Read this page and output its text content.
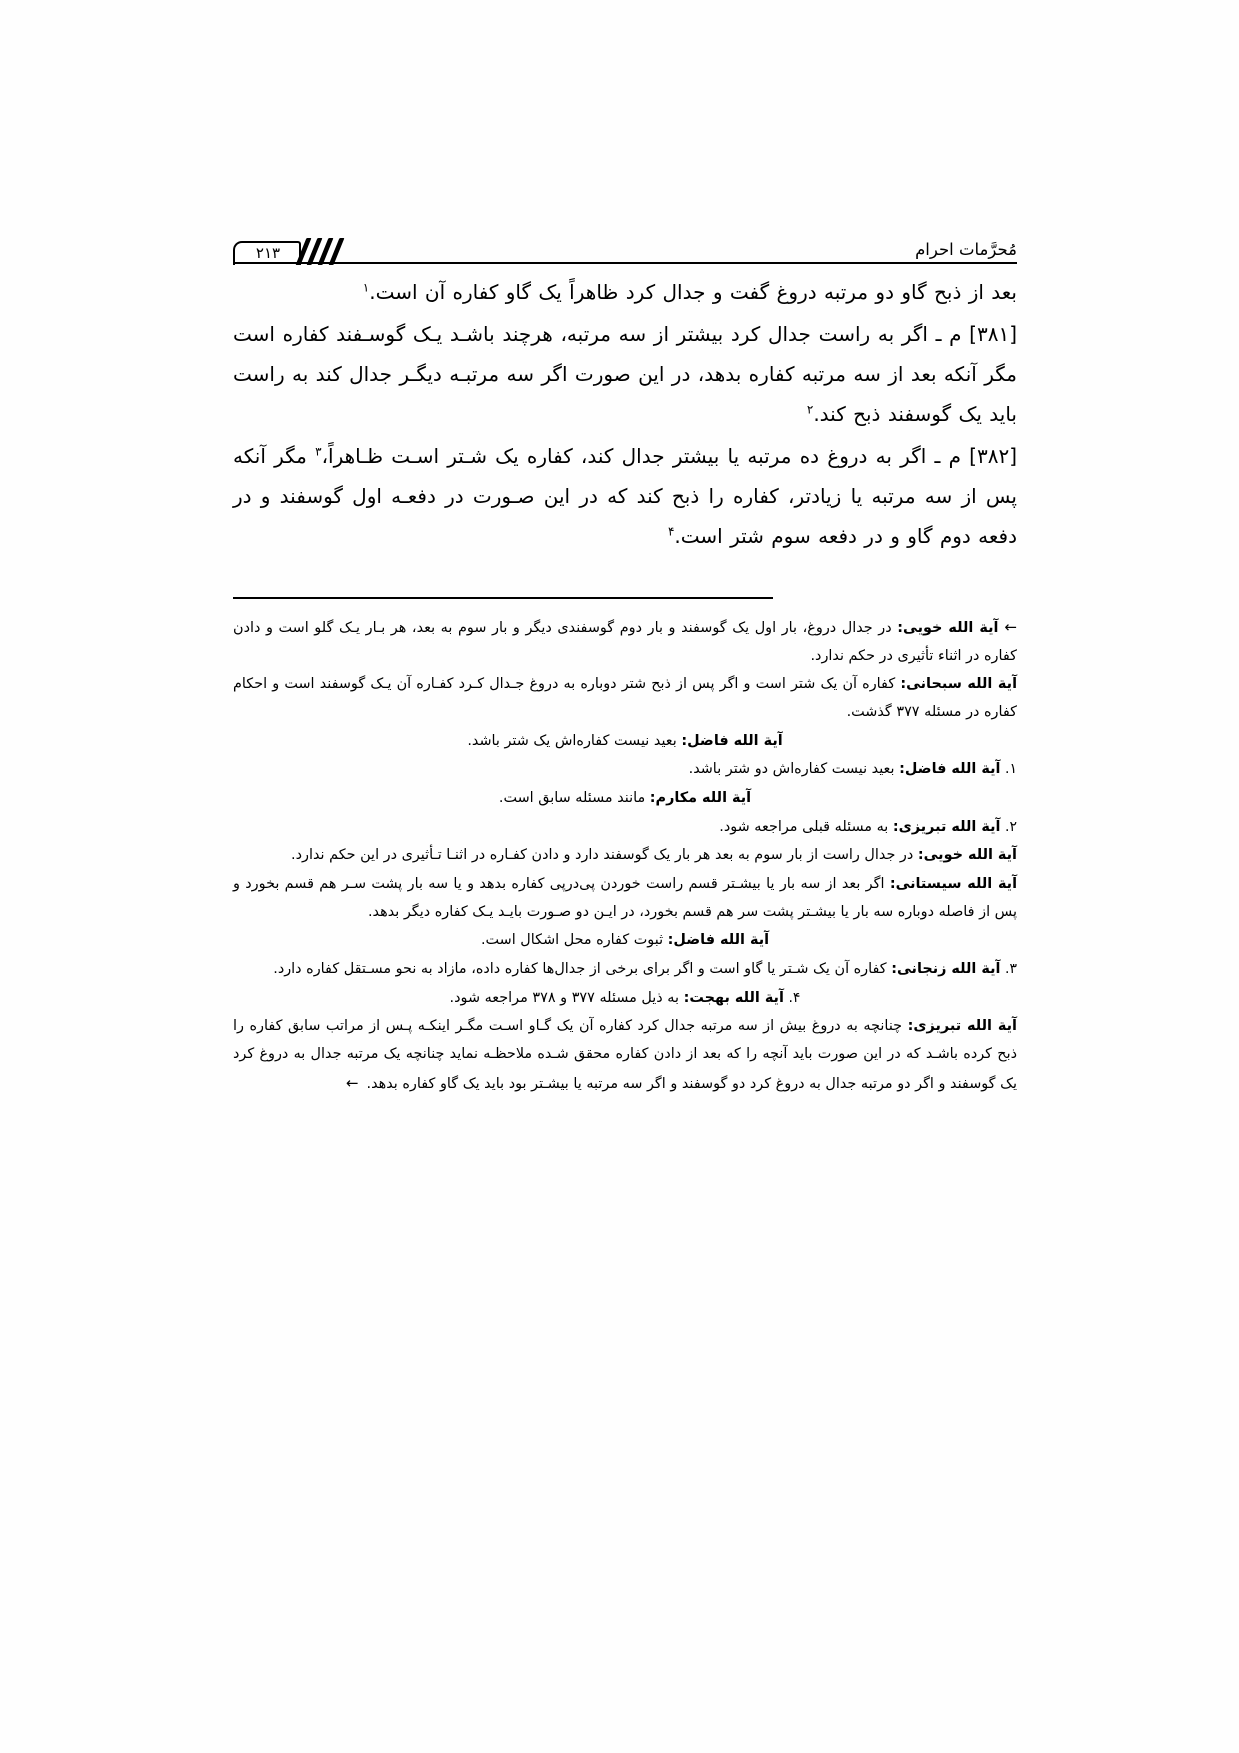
مُحرَّمات احرام
۲۱۳

بعد از ذبح گاو دو مرتبه دروغ گفت و جدال کرد ظاهراً یک گاو کفاره آن است.$^۱$

[۳۸۱] م ـ اگر به راست جدال کرد بیشتر از سه مرتبه، هرچند باشـد یـک گوسـفند کفاره است مگر آنکه بعد از سه مرتبه کفاره بدهد، در این صورت اگر سه مرتبـه دیگـر جدال کند به راست باید یک گوسفند ذبح کند.$^۲$

[۳۸۲] م ـ اگر به دروغ ده مرتبه یا بیشتر جدال کند، کفاره یک شـتر اسـت ظـاهراً،$^۳$ مگر آنکه پس از سه مرتبه یا زیادتر، کفاره را ذبح کند که در این صـورت در دفعـه اول گوسفند و در دفعه دوم گاو و در دفعه سوم شتر است.$^۴$

← آیة الله خویی: در جدال دروغ، بار اول یک گوسفند و بار دوم گوسفندی دیگر و بار سوم به بعد، هر بـار یـک گلو است و دادن کفاره در اثناء تأثیری در حکم ندارد.

آیة الله سبحانی: کفاره آن یک شتر است و اگر پس از ذبح شتر دوباره به دروغ جـدال کـرد کفـاره آن یـک گوسفند است و احکام کفاره در مسئله ۳۷۷ گذشت.

آیة الله فاضل: بعید نیست کفاره‌اش یک شتر باشد.

۱. آیة الله فاضل: بعید نیست کفاره‌اش دو شتر باشد.

آیة الله مکارم: مانند مسئله سابق است.

۲. آیة الله تبریزی: به مسئله قبلی مراجعه شود.

آیة الله خویی: در جدال راست از بار سوم به بعد هر بار یک گوسفند دارد و دادن کفـاره در اثنـا تـأثیری در این حکم ندارد.

آیة الله سیستانی: اگر بعد از سه بار یا بیشـتر قسم راست خوردن پی‌درپی کفاره بدهد و یا سه بار پشت سـر هم قسم بخورد و پس از فاصله دوباره سه بار یا بیشـتر پشت سر هم قسم بخورد، در ایـن دو صـورت بایـد یـک کفاره دیگر بدهد.

آیة الله فاضل: ثبوت کفاره محل اشکال است.

۳. آیة الله زنجانی: کفاره آن یک شـتر یا گاو است و اگر برای برخی از جدال‌ها کفاره داده، مازاد به نحو مسـتقل کفاره دارد.

۴. آیة الله بهجت: به ذیل مسئله ۳۷۷ و ۳۷۸ مراجعه شود.

آیة الله تبریزی: چنانچه به دروغ بیش از سه مرتبه جدال کرد کفاره آن یک گـاو اسـت مگـر اینکـه پـس از مراتب سابق کفاره را ذبح کرده باشـد که در این صورت باید آنچه را که بعد از دادن کفاره محقق شـده ملاحظـه نماید چنانچه یک مرتبه جدال به دروغ کرد یک گوسفند و اگر دو مرتبه جدال به دروغ کرد دو گوسفند و اگر سه مرتبه یا بیشـتر بود باید یک گاو کفاره بدهد.←
